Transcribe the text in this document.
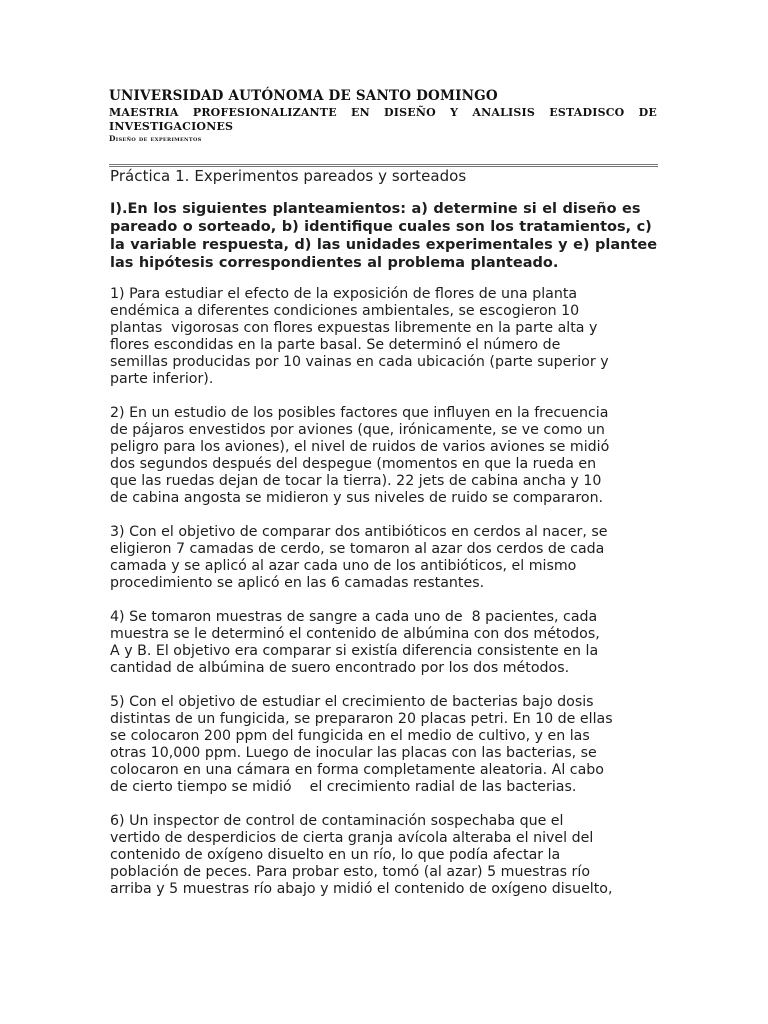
UNIVERSIDAD AUTÓNOMA DE SANTO DOMINGO
MAESTRIA PROFESIONALIZANTE EN DISEÑO Y ANALISIS ESTADISCO DE
INVESTIGACIONES
Diseño de experimentos

Práctica 1. Experimentos pareados y sorteados

I).En los siguientes planteamientos: a) determine si el diseño es pareado o sorteado, b) identifique cuales son los tratamientos, c) la variable respuesta, d) las unidades experimentales y e) plantee las hipótesis correspondientes al problema planteado.

1) Para estudiar el efecto de la exposición de flores de una planta
endémica a diferentes condiciones ambientales, se escogieron 10
plantas  vigorosas con flores expuestas libremente en la parte alta y
flores escondidas en la parte basal. Se determinó el número de
semillas producidas por 10 vainas en cada ubicación (parte superior y
parte inferior).

2) En un estudio de los posibles factores que influyen en la frecuencia
de pájaros envestidos por aviones (que, irónicamente, se ve como un
peligro para los aviones), el nivel de ruidos de varios aviones se midió
dos segundos después del despegue (momentos en que la rueda en
que las ruedas dejan de tocar la tierra). 22 jets de cabina ancha y 10
de cabina angosta se midieron y sus niveles de ruido se compararon.

3) Con el objetivo de comparar dos antibióticos en cerdos al nacer, se
eligieron 7 camadas de cerdo, se tomaron al azar dos cerdos de cada
camada y se aplicó al azar cada uno de los antibióticos, el mismo
procedimiento se aplicó en las 6 camadas restantes.

4) Se tomaron muestras de sangre a cada uno de  8 pacientes, cada
muestra se le determinó el contenido de albúmina con dos métodos,
A y B. El objetivo era comparar si existía diferencia consistente en la
cantidad de albúmina de suero encontrado por los dos métodos.

5) Con el objetivo de estudiar el crecimiento de bacterias bajo dosis
distintas de un fungicida, se prepararon 20 placas petri. En 10 de ellas
se colocaron 200 ppm del fungicida en el medio de cultivo, y en las
otras 10,000 ppm. Luego de inocular las placas con las bacterias, se
colocaron en una cámara en forma completamente aleatoria. Al cabo
de cierto tiempo se midió    el crecimiento radial de las bacterias.

6) Un inspector de control de contaminación sospechaba que el
vertido de desperdicios de cierta granja avícola alteraba el nivel del
contenido de oxígeno disuelto en un río, lo que podía afectar la
población de peces. Para probar esto, tomó (al azar) 5 muestras río
arriba y 5 muestras río abajo y midió el contenido de oxígeno disuelto,
